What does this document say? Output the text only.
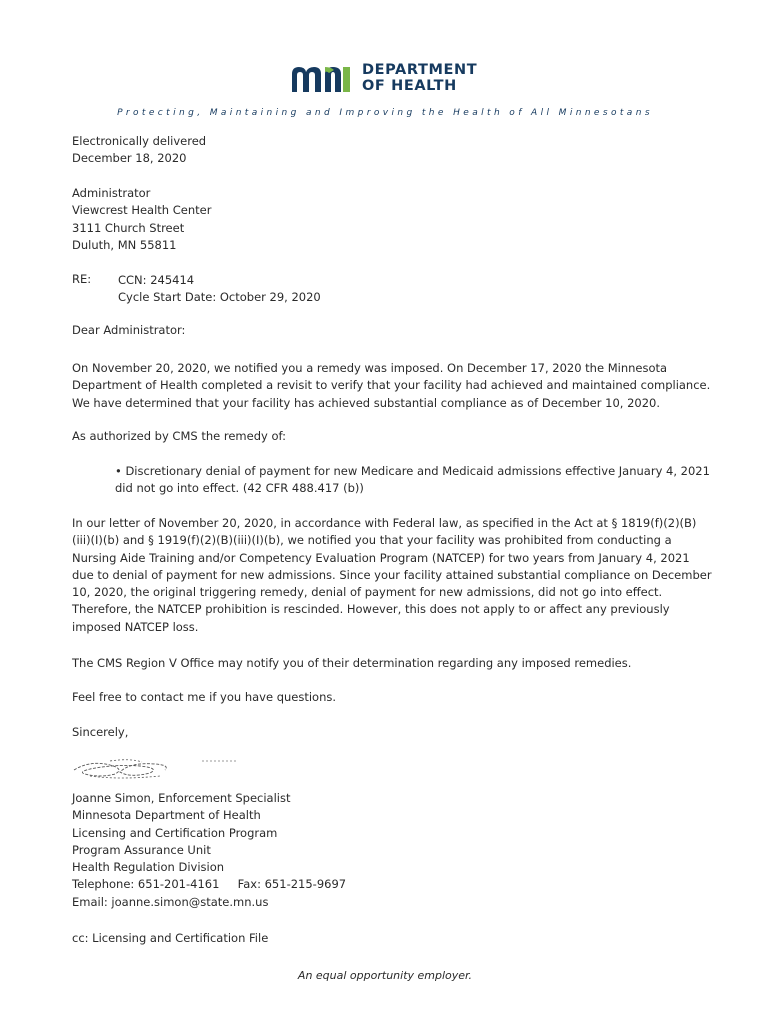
DEPARTMENT
OF HEALTH
Protecting, Maintaining and Improving the Health of All Minnesotans

Electronically delivered

December 18, 2020

Administrator

Viewcrest Health Center

3111 Church Street

Duluth, MN 55811

RE: CCN: 245414

Cycle Start Date: October 29, 2020

Dear Administrator:
On November 20, 2020, we notified you a remedy was imposed. On December 17, 2020 the Minnesota Department of Health completed a revisit to verify that your facility had achieved and maintained compliance. We have determined that your facility has achieved substantial compliance as of December 10, 2020.
As authorized by CMS the remedy of:
• Discretionary denial of payment for new Medicare and Medicaid admissions effective January 4, 2021 did not go into effect. (42 CFR 488.417 (b))
In our letter of November 20, 2020, in accordance with Federal law, as specified in the Act at § 1819(f)(2)(B)(iii)(I)(b) and § 1919(f)(2)(B)(iii)(I)(b), we notified you that your facility was prohibited from conducting a Nursing Aide Training and/or Competency Evaluation Program (NATCEP) for two years from January 4, 2021 due to denial of payment for new admissions. Since your facility attained substantial compliance on December 10, 2020, the original triggering remedy, denial of payment for new admissions, did not go into effect. Therefore, the NATCEP prohibition is rescinded. However, this does not apply to or affect any previously imposed NATCEP loss.
The CMS Region V Office may notify you of their determination regarding any imposed remedies.
Feel free to contact me if you have questions.
Sincerely,

Joanne Simon, Enforcement Specialist

Minnesota Department of Health

Licensing and Certification Program

Program Assurance Unit

Health Regulation Division

Telephone: 651-201-4161     Fax: 651-215-9697

Email: joanne.simon@state.mn.us

cc: Licensing and Certification File
An equal opportunity employer.
